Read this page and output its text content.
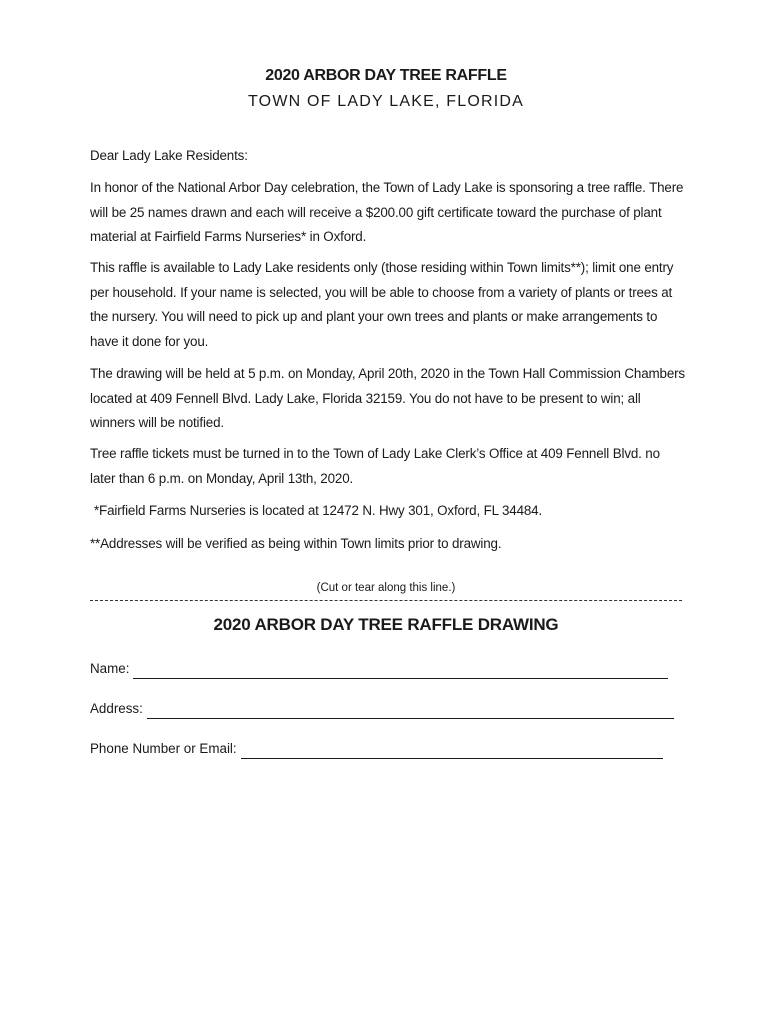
2020 ARBOR DAY TREE RAFFLE
TOWN OF LADY LAKE, FLORIDA
Dear Lady Lake Residents:
In honor of the National Arbor Day celebration, the Town of Lady Lake is sponsoring a tree raffle. There will be 25 names drawn and each will receive a $200.00 gift certificate toward the purchase of plant material at Fairfield Farms Nurseries* in Oxford.
This raffle is available to Lady Lake residents only (those residing within Town limits**); limit one entry per household. If your name is selected, you will be able to choose from a variety of plants or trees at the nursery. You will need to pick up and plant your own trees and plants or make arrangements to have it done for you.
The drawing will be held at 5 p.m. on Monday, April 20th, 2020 in the Town Hall Commission Chambers located at 409 Fennell Blvd. Lady Lake, Florida 32159. You do not have to be present to win; all winners will be notified.
Tree raffle tickets must be turned in to the Town of Lady Lake Clerk’s Office at 409 Fennell Blvd. no later than 6 p.m. on Monday, April 13th, 2020.
*Fairfield Farms Nurseries is located at 12472 N. Hwy 301, Oxford, FL 34484.
**Addresses will be verified as being within Town limits prior to drawing.
(Cut or tear along this line.)
2020 ARBOR DAY TREE RAFFLE DRAWING
Name:
Address:
Phone Number or Email:
